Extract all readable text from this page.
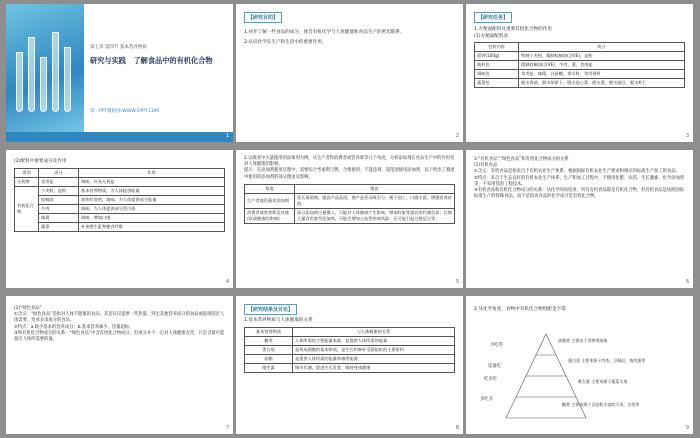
第七章 第四节 基本营养物质
研究与实践 了解食品中的有机化合物
第一PPT模板网-WWW.1PPT.COM
1
【研究目的】
1.初步了解一些食品的成分，体会有机化学与人体健康和食品生产的密切联系。
2.认识化学在生产和生活中的重要作用。
2
【研究任务】
1.方便面配料及重要有机化合物的作用
(1)方便面配料表
包装内容	成分
面饼(100g)	特制小麦粉，精制棕榈油(含VE)，淀粉
酱料包	精制棕榈油(含VE)，牛肉，葱，食用盐
调味包	食用盐，味精，白砂糖，香辛料，食用香料
蔬菜包	脱水香菇，脱水胡萝卜，脱水卷心菜，脱水葱，脱水豌豆，脱水虾仁
3
(2)配料中重要成分及作用
类别	成分	作用
无机物	食用盐	调味，补充无机盐
有机化合物	小麦粉，淀粉	基本营养物质，为人体提供能量
	棕榈油	油炸时溶剂，调味，为人体提供部分能量
	牛肉	调味，为人体提供部分蛋白质
	味精	调味，增加口感
	蔬菜	补充维生素和膳食纤维
4
2.以燕麦中大量使用的添加剂为例，从生产者和消费者或营养师等几个角度，分析添加剂在食品生产中的作用及对人体健康的影响。
提示：在添加剂使用过程中，需要综合考虑利与弊，合理使用；不能违规、超范围使用添加剂，以下给出了燕麦中使用的添加剂的部分理由及影响。
角度	理由
生产者使用燕麦添加剂	延长保质期，提高产品品质，使产品更具吸引力，便于加工，口感丰富，增强营养价值。
消费者或营养师反对使用(或健康的影响)	部分添加剂过量摄入，可能对人体健康产生影响，增加肝脏等器官的代谢负担；长期大量食用某些添加剂，可能会增加心血管疾病风险；还可能引起过敏反应等。
5
3.“有机食品”“绿色食品”和有机化合物成分的关系
(1)有机食品
①含义：有机食品是指来自于有机农业生产体系，根据国际有机农业生产要求和相应的标准生产加工的食品。
②特点：来自于生态良好的有机农业生产体系，生产和加工过程中，不使用化肥、农药、生长激素、化学添加剂等，不采用基因工程技术。
③有机食品和有机化合物成分的关系：从化学的角度讲，所有有机食品都是有机化合物，但有机食品是按照国际标准生产的特殊食品，而不是指该食品的化学成分是有机化合物。
6
(2)“绿色食品”
①含义：“绿色食品”是指对人体不健康的食品，其是仅仅提供一些热量，到无其他营养成分的食品或提供超过人体需要，变成多余成分的食品。
②特点：a.缺少基本的营养成分；b.基本营养素少，热量超标。
③和有机化合物成分的关系：“绿色食品”中含有机化合物成分，但成分并不一定对人体健康有害，只是含量可能超出人体所需要的量。
7
【研究结果及讨论】
1.基本营养物质与人体健康的关系
基本营养物质	与人体健康的关系
糖类	人体所需的主要能量来源，是提供人体所需的能量
蛋白质	是构成细胞的基本物质，是生长和修补受损组织的主要原料
油脂	是提供人体所需的能量和备用能源
维生素	调节代谢，促进生长发育，维持身体健康
8
2.从化学角度，食物中有机化合物组配金字塔
少吃些
适量吃
吃多吃
多吃多
油脂类 主要由于食物带油脂
蛋白质 主要来源于肉类、豆制品、鱼肉蛋等
维生素 主要来源于蔬菜水果
糖类 主要来源于含淀粉丰富的大米、谷类等
9
